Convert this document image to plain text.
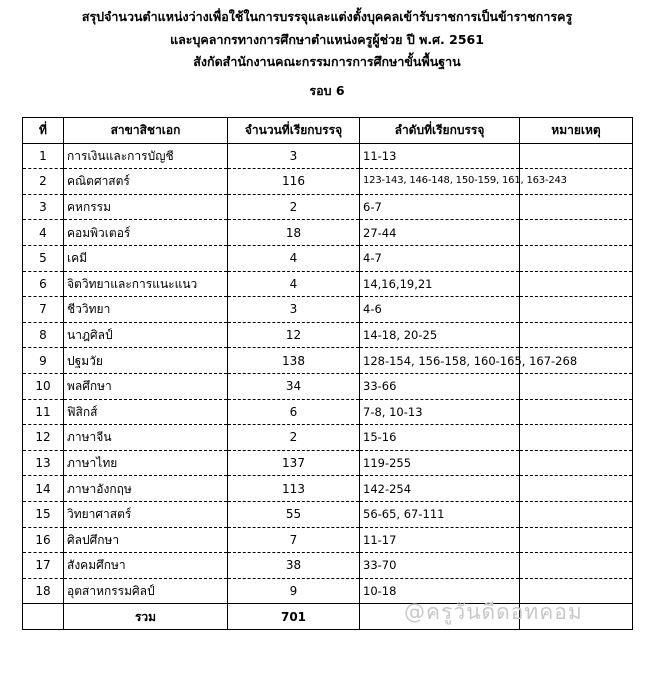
สรุปจำนวนตำแหน่งว่างเพื่อใช้ในการบรรจุและแต่งตั้งบุคคลเข้ารับราชการเป็นข้าราชการครู
และบุคลากรทางการศึกษาตำแหน่งครูผู้ช่วย ปี พ.ศ. 2561
สังกัดสำนักงานคณะกรรมการการศึกษาขั้นพื้นฐาน
รอบ 6
ที่	สาขาสิชาเอก	จำนวนที่เรียกบรรจุ	ลำดับที่เรียกบรรจุ	หมายเหตุ
1	การเงินและการบัญชี	3	11-13	
2	คณิตศาสตร์	116	123-143, 146-148, 150-159, 161, 163-243	
3	คหกรรม	2	6-7	
4	คอมพิวเตอร์	18	27-44	
5	เคมี	4	4-7	
6	จิตวิทยาและการแนะแนว	4	14,16,19,21	
7	ชีววิทยา	3	4-6	
8	นาฎศิลป์	12	14-18, 20-25	
9	ปฐมวัย	138	128-154, 156-158, 160-165, 167-268	
10	พลศึกษา	34	33-66	
11	ฟิสิกส์	6	7-8, 10-13	
12	ภาษาจีน	2	15-16	
13	ภาษาไทย	137	119-255	
14	ภาษาอังกฤษ	113	142-254	
15	วิทยาศาสตร์	55	56-65, 67-111	
16	ศิลปศึกษา	7	11-17	
17	สังคมศึกษา	38	33-70	
18	อุตสาหกรรมศิลป์	9	10-18	
	รวม	701			@ครูวันดีดอทคอม
